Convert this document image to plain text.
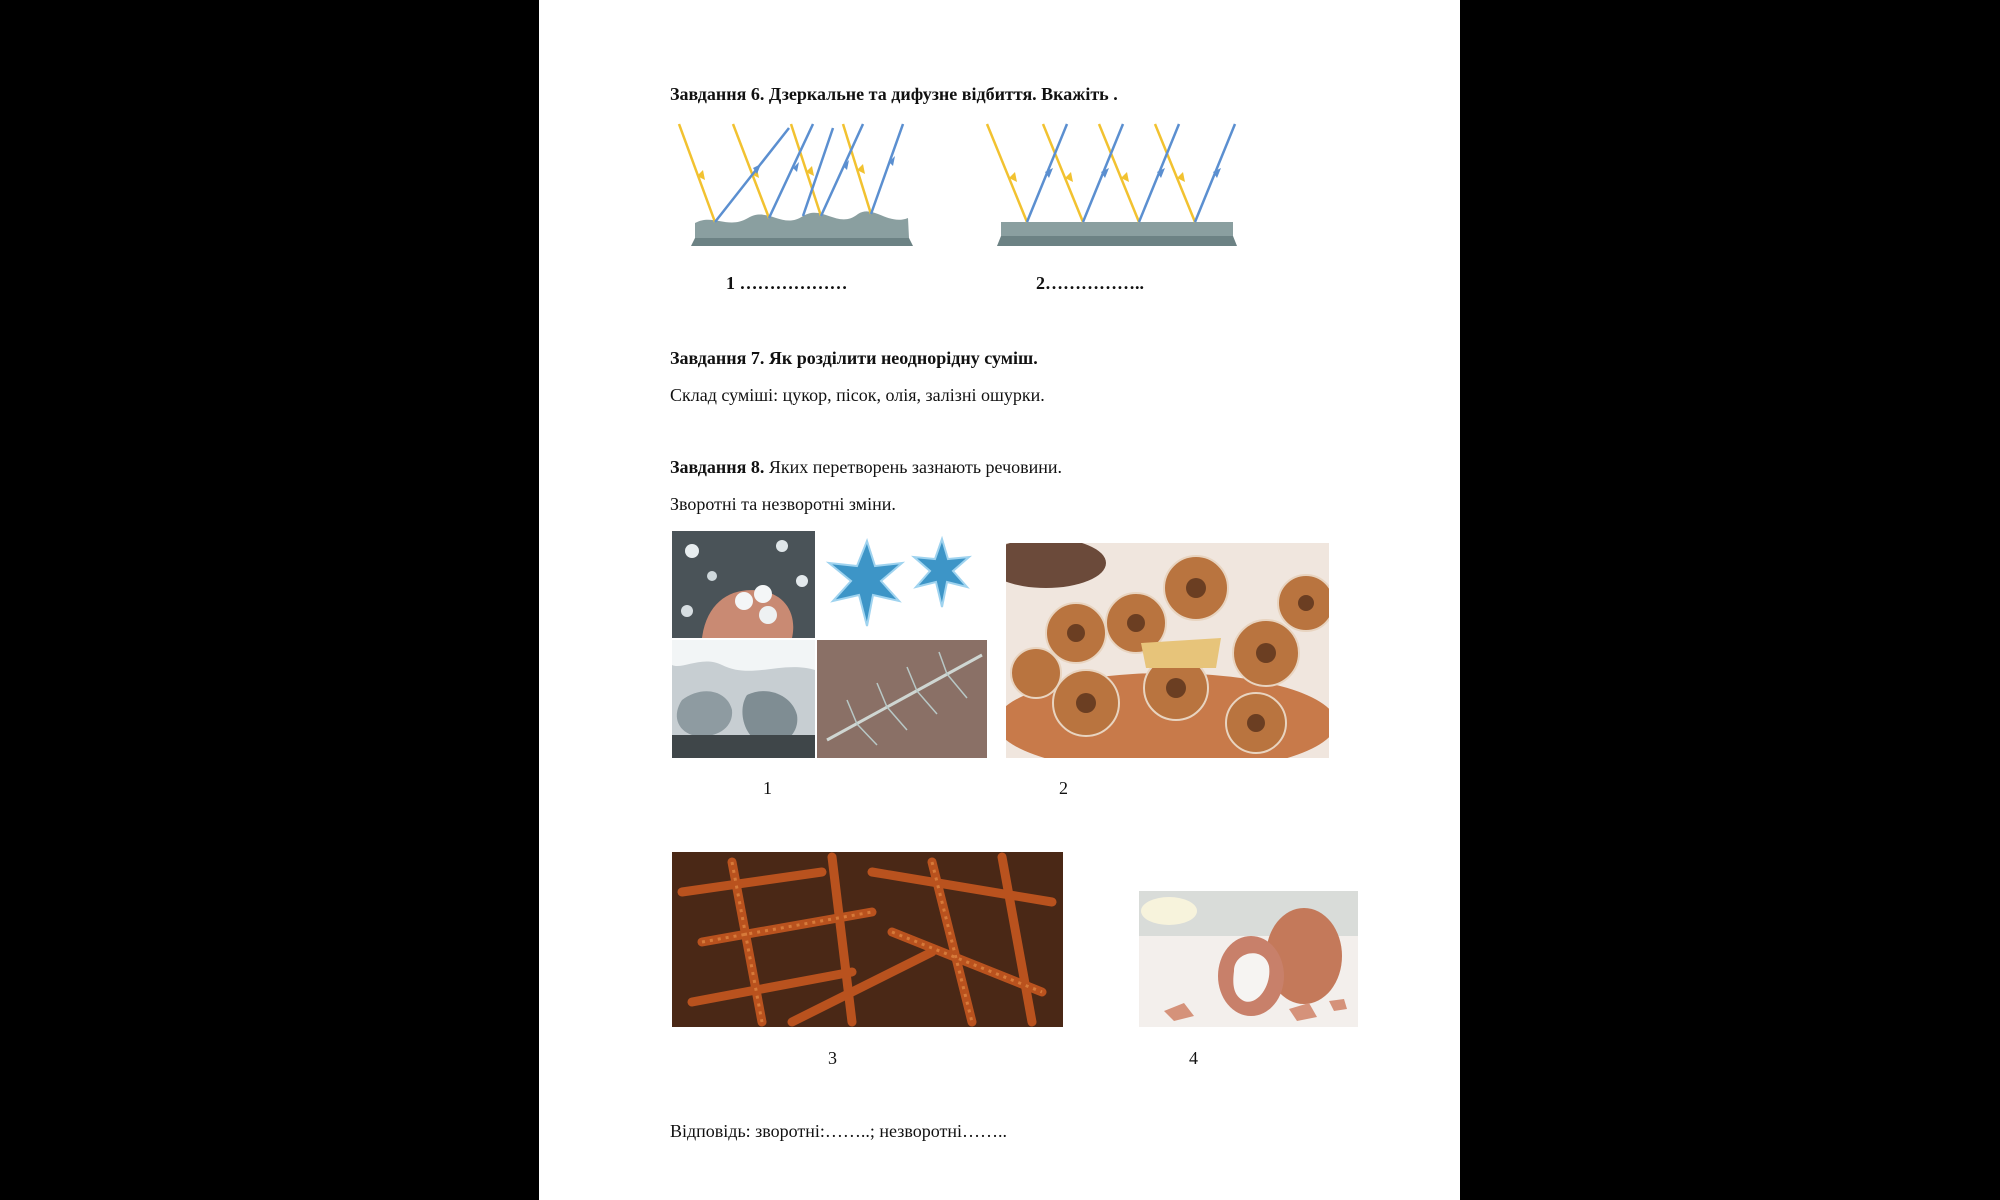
Завдання 6. Дзеркальне та дифузне відбиття. Вкажіть .
1 ………………	2……………..
Завдання 7. Як розділити неоднорідну суміш.
Склад суміші: цукор, пісок, олія, залізні ошурки.
Завдання 8. Яких перетворень зазнають речовини.
Зворотні та незворотні зміни.
1	2
3	4
Відповідь: зворотні:……..; незворотні……..
